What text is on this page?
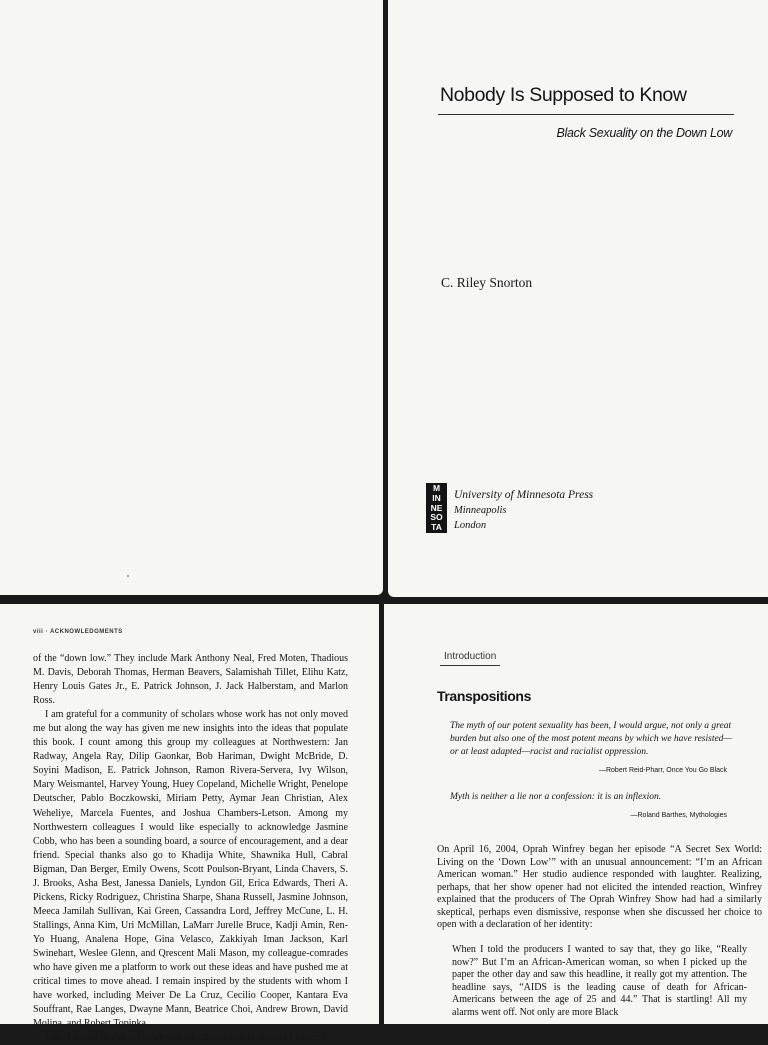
Nobody Is Supposed to Know
Black Sexuality on the Down Low
C. Riley Snorton
M
IN
NE
SO
TA
University of Minnesota Press
Minneapolis
London
viii · ACKNOWLEDGMENTS

of the “down low.” They include Mark Anthony Neal, Fred Moten, Thadious M. Davis, Deborah Thomas, Herman Beavers, Salamishah Tillet, Elihu Katz, Henry Louis Gates Jr., E. Patrick Johnson, J. Jack Halberstam, and Marlon Ross.

I am grateful for a community of scholars whose work has not only moved me but along the way has given me new insights into the ideas that populate this book. I count among this group my colleagues at Northwestern: Jan Radway, Angela Ray, Dilip Gaonkar, Bob Hariman, Dwight McBride, D. Soyini Madison, E. Patrick Johnson, Ramon Rivera-Servera, Ivy Wilson, Mary Weismantel, Harvey Young, Huey Copeland, Michelle Wright, Penelope Deutscher, Pablo Boczkowski, Miriam Petty, Aymar Jean Christian, Alex Weheliye, Marcela Fuentes, and Joshua Chambers-Letson. Among my Northwestern colleagues I would like especially to acknowledge Jasmine Cobb, who has been a sounding board, a source of encouragement, and a dear friend. Special thanks also go to Khadija White, Shawnika Hull, Cabral Bigman, Dan Berger, Emily Owens, Scott Poulson-Bryant, Linda Chavers, S. J. Brooks, Asha Best, Janessa Daniels, Lyndon Gil, Erica Edwards, Theri A. Pickens, Ricky Rodriguez, Christina Sharpe, Shana Russell, Jasmine Johnson, Meeca Jamilah Sullivan, Kai Green, Cassandra Lord, Jeffrey McCune, L. H. Stallings, Anna Kim, Uri McMillan, LaMarr Jurelle Bruce, Kadji Amin, Ren-Yo Huang, Analena Hope, Gina Velasco, Zakkiyah Iman Jackson, Karl Swinehart, Weslee Glenn, and Qrescent Mali Mason, my colleague-comrades who have given me a platform to work out these ideas and have pushed me at critical times to move ahead. I remain inspired by the students with whom I have worked, including Meiver De La Cruz, Cecilio Cooper, Kantara Eva Souffrant, Rae Langes, Dwayne Mann, Beatrice Choi, Andrew Brown, David Molina, and Robert Topinka.

Last, I would like to acknowledge my chosen family, many of whom I

Introduction
Transpositions
The myth of our potent sexuality has been, I would argue, not only a great burden but also one of the most potent means by which we have resisted—or at least adapted—racist and racialist oppression.
—Robert Reid-Pharr, Once You Go Black
Myth is neither a lie nor a confession: it is an inflexion.
—Roland Barthes, Mythologies
On April 16, 2004, Oprah Winfrey began her episode “A Secret Sex World: Living on the ‘Down Low’” with an unusual announcement: “I’m an African American woman.” Her studio audience responded with laughter. Realizing, perhaps, that her show opener had not elicited the intended reaction, Winfrey explained that the producers of The Oprah Winfrey Show had had a similarly skeptical, perhaps even dismissive, response when she discussed her choice to open with a declaration of her identity:
When I told the producers I wanted to say that, they go like, “Really now?” But I’m an African-American woman, so when I picked up the paper the other day and saw this headline, it really got my attention. The headline says, “AIDS is the leading cause of death for African-Americans between the age of 25 and 44.” That is startling! All my alarms went off. Not only are more Black
